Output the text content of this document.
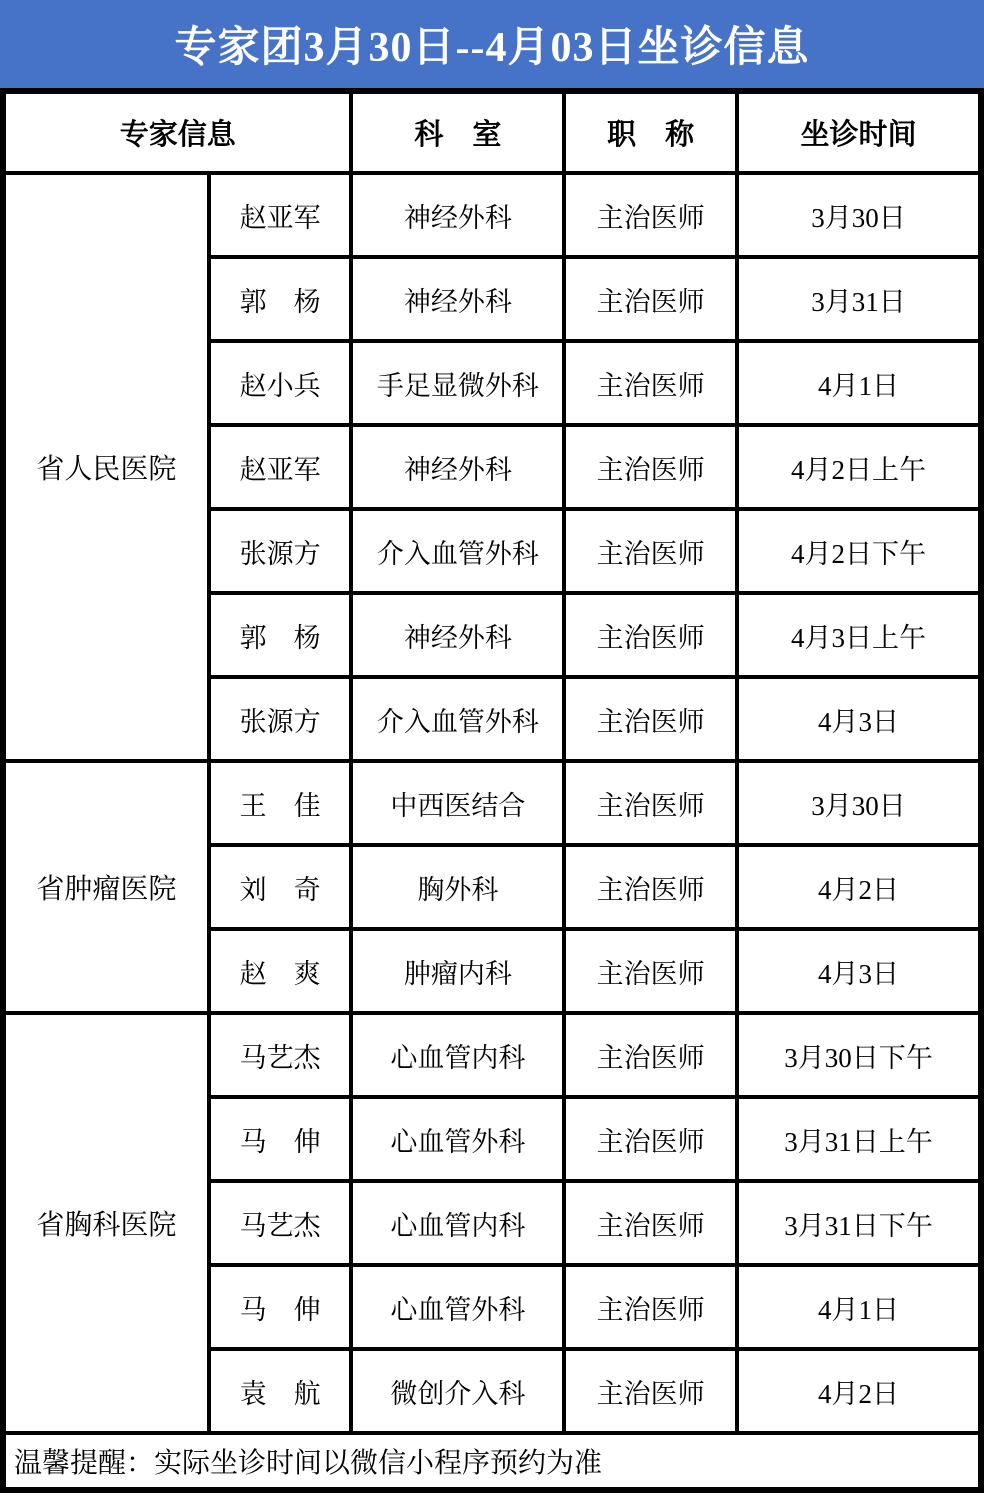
专家团3月30日--4月03日坐诊信息
专家信息		科　室	职　称	坐诊时间
省人民医院	赵亚军	神经外科	主治医师	3月30日
	郭　杨	神经外科	主治医师	3月31日
	赵小兵	手足显微外科	主治医师	4月1日
	赵亚军	神经外科	主治医师	4月2日上午
	张源方	介入血管外科	主治医师	4月2日下午
	郭　杨	神经外科	主治医师	4月3日上午
	张源方	介入血管外科	主治医师	4月3日
省肿瘤医院	王　佳	中西医结合	主治医师	3月30日
	刘　奇	胸外科	主治医师	4月2日
	赵　爽	肿瘤内科	主治医师	4月3日
省胸科医院	马艺杰	心血管内科	主治医师	3月30日下午
	马　伸	心血管外科	主治医师	3月31日上午
	马艺杰	心血管内科	主治医师	3月31日下午
	马　伸	心血管外科	主治医师	4月1日
	袁　航	微创介入科	主治医师	4月2日
温馨提醒：实际坐诊时间以微信小程序预约为准				
